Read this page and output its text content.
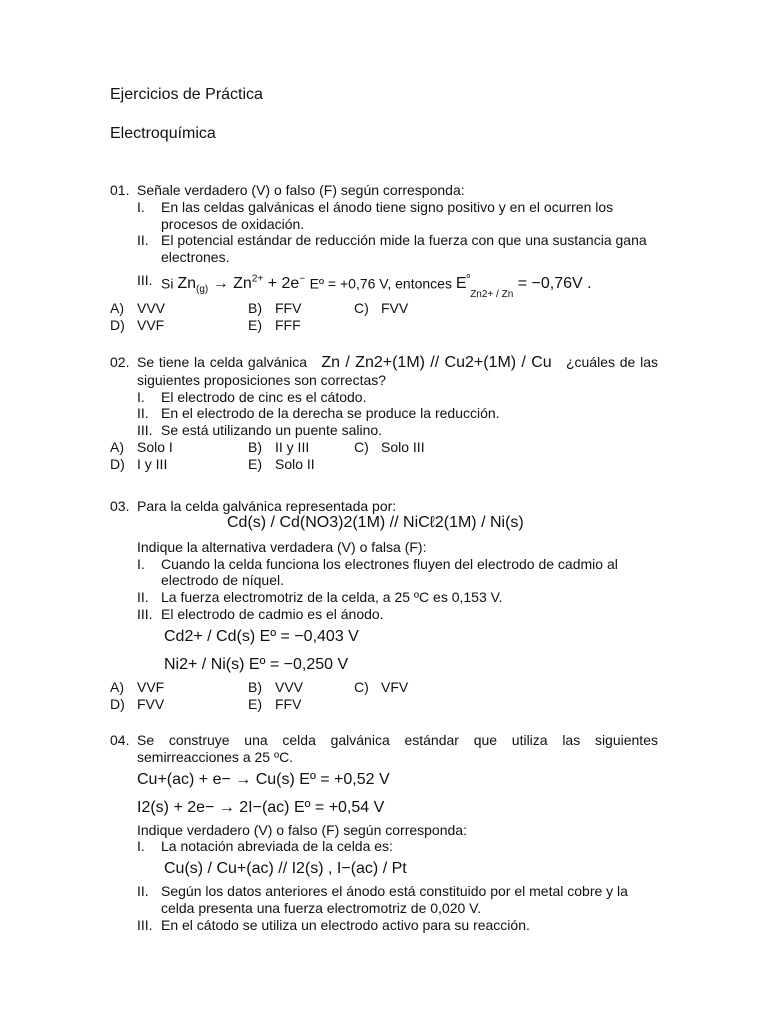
Ejercicios de Práctica
Electroquímica
01. Señale verdadero (V) o falso (F) según corresponda:
I. En las celdas galvánicas el ánodo tiene signo positivo y en el ocurren los procesos de oxidación.
II. El potencial estándar de reducción mide la fuerza con que una sustancia gana electrones.
III. Si $Zn_{(g)} \to Zn^{2+} + 2e^-$ Eº = +0,76 V, entonces $E^º_{Zn2+ / Zn} = -0,76V$ .
A) VVV	B) FFV	C) FVV
D) VVF	E) FFF
02. Se tiene la celda galvánica Zn / Zn2+(1M) // Cu2+(1M) / Cu ¿cuáles de las siguientes proposiciones son correctas?
I. El electrodo de cinc es el cátodo.
II. En el electrodo de la derecha se produce la reducción.
III. Se está utilizando un puente salino.
A) Solo I	B) II y III	C) Solo III
D) I y III	E) Solo II
03. Para la celda galvánica representada por:
Cd(s) / Cd(NO3)2(1M) // NiCℓ2(1M) / Ni(s)
Indique la alternativa verdadera (V) o falsa (F):
I. Cuando la celda funciona los electrones fluyen del electrodo de cadmio al electrodo de níquel.
II. La fuerza electromotriz de la celda, a 25 ºC es 0,153 V.
III. El electrodo de cadmio es el ánodo.
Cd2+ / Cd(s) Eº = −0,403 V
Ni2+ / Ni(s) Eº = −0,250 V
A) VVF	B) VVV	C) VFV
D) FVV	E) FFV
04. Se construye una celda galvánica estándar que utiliza las siguientes semirreacciones a 25 ºC.
Cu+(ac) + e− → Cu(s) Eº = +0,52 V
I2(s) + 2e− → 2I−(ac) Eº = +0,54 V
Indique verdadero (V) o falso (F) según corresponda:
I. La notación abreviada de la celda es:
Cu(s) / Cu+(ac) // I2(s) , I−(ac) / Pt
II. Según los datos anteriores el ánodo está constituido por el metal cobre y la celda presenta una fuerza electromotriz de 0,020 V.
III. En el cátodo se utiliza un electrodo activo para su reacción.
